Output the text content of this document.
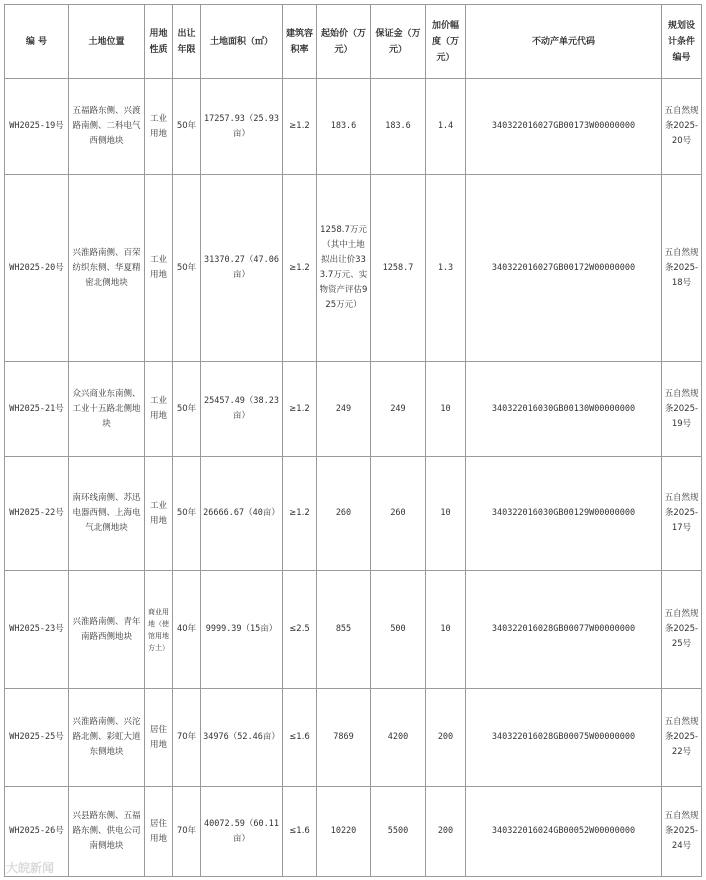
编 号	土地位置	用地性质	出让年限	土地面积（㎡）	建筑容积率	起始价（万元）	保证金（万元）	加价幅度（万元）	不动产单元代码	规划设计条件编号
WH2025-19号	五福路东侧、兴渡路南侧、二科电气西侧地块	工业用地	50年	17257.93（25.93亩）	≥1.2	183.6	183.6	1.4	340322016027GB00173W00000000	五自然规条2025-20号
WH2025-20号	兴淮路南侧、百荣纺织东侧、华夏精密北侧地块	工业用地	50年	31370.27（47.06亩）	≥1.2	1258.7万元（其中土地拟出让价333.7万元、实物资产评估925万元）	1258.7	1.3	340322016027GB00172W00000000	五自然规条2025-18号
WH2025-21号	众兴商业东南侧、工业十五路北侧地块	工业用地	50年	25457.49（38.23亩）	≥1.2	249	249	10	340322016030GB00130W00000000	五自然规条2025-19号
WH2025-22号	南环线南侧、苏迅电器西侧、上海电气北侧地块	工业用地	50年	26666.67（40亩）	≥1.2	260	260	10	340322016030GB00129W00000000	五自然规条2025-17号
WH2025-23号	兴淮路南侧、青年南路西侧地块	商业用地（使馆用地方土）	40年	9999.39（15亩）	≤2.5	855	500	10	340322016028GB00077W00000000	五自然规条2025-25号
WH2025-25号	兴淮路南侧、兴沱路北侧、彩虹大道东侧地块	居住用地	70年	34976（52.46亩）	≤1.6	7869	4200	200	340322016028GB00075W00000000	五自然规条2025-22号
WH2025-26号	兴县路东侧、五福路东侧、供电公司南侧地块	居住用地	70年	40072.59（60.11亩）	≤1.6	10220	5500	200	340322016024GB00052W00000000	五自然规条2025-24号
大皖新闻
